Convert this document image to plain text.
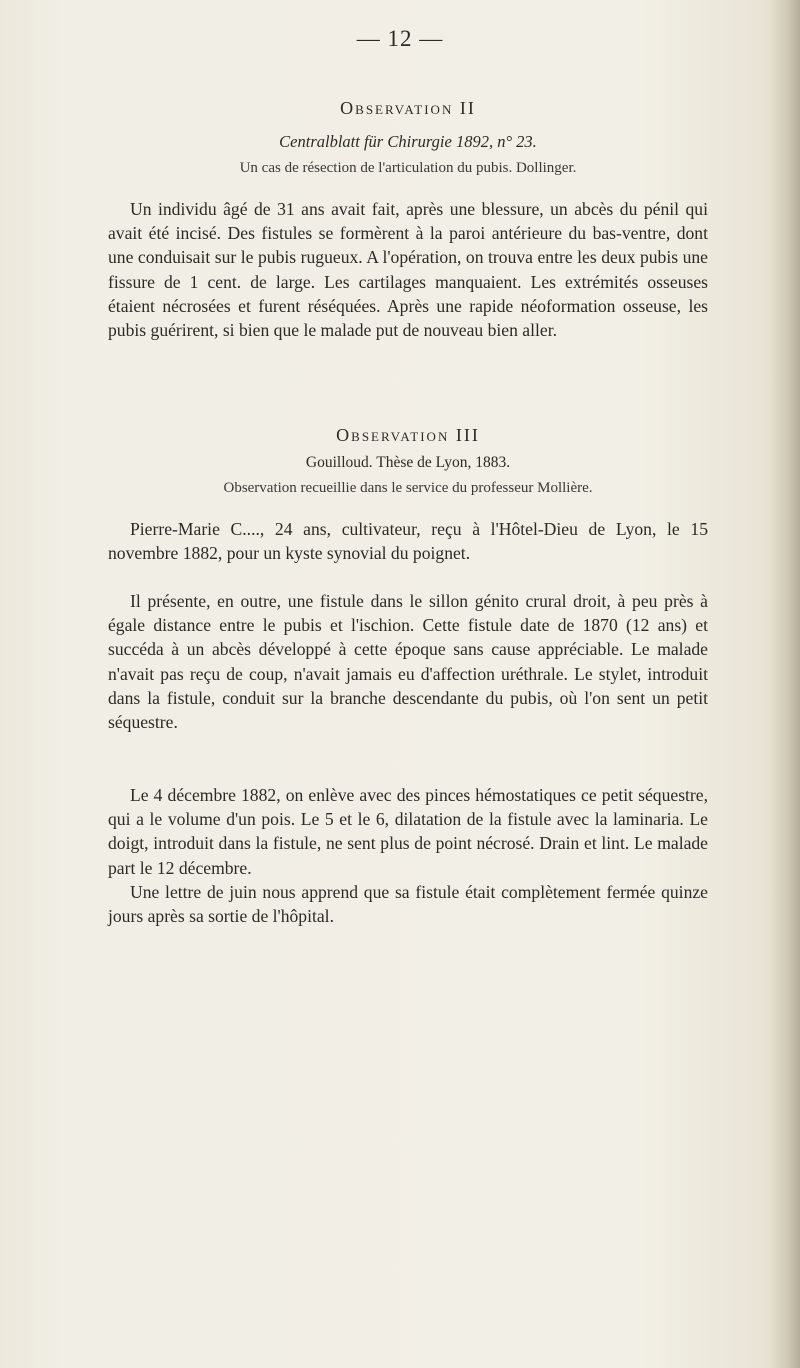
— 12 —
Observation II
Centralblatt für Chirurgie 1892, n° 23.
Un cas de résection de l'articulation du pubis. Dollinger.

Un individu âgé de 31 ans avait fait, après une blessure, un abcès du pénil qui avait été incisé. Des fistules se formèrent à la paroi antérieure du bas-ventre, dont une conduisait sur le pubis rugueux. A l'opération, on trouva entre les deux pubis une fissure de 1 cent. de large. Les cartilages manquaient. Les extrémités osseuses étaient nécrosées et furent réséquées. Après une rapide néoformation osseuse, les pubis guérirent, si bien que le malade put de nouveau bien aller.

Observation III
Gouilloud. Thèse de Lyon, 1883.
Observation recueillie dans le service du professeur Mollière.

Pierre-Marie C...., 24 ans, cultivateur, reçu à l'Hôtel-Dieu de Lyon, le 15 novembre 1882, pour un kyste synovial du poignet.

Il présente, en outre, une fistule dans le sillon génito crural droit, à peu près à égale distance entre le pubis et l'ischion. Cette fistule date de 1870 (12 ans) et succéda à un abcès développé à cette époque sans cause appréciable. Le malade n'avait pas reçu de coup, n'avait jamais eu d'affection uréthrale. Le stylet, introduit dans la fistule, conduit sur la branche descendante du pubis, où l'on sent un petit séquestre.

Le 4 décembre 1882, on enlève avec des pinces hémostatiques ce petit séquestre, qui a le volume d'un pois. Le 5 et le 6, dilatation de la fistule avec la laminaria. Le doigt, introduit dans la fistule, ne sent plus de point nécrosé. Drain et lint. Le malade part le 12 décembre.

Une lettre de juin nous apprend que sa fistule était complètement fermée quinze jours après sa sortie de l'hôpital.
